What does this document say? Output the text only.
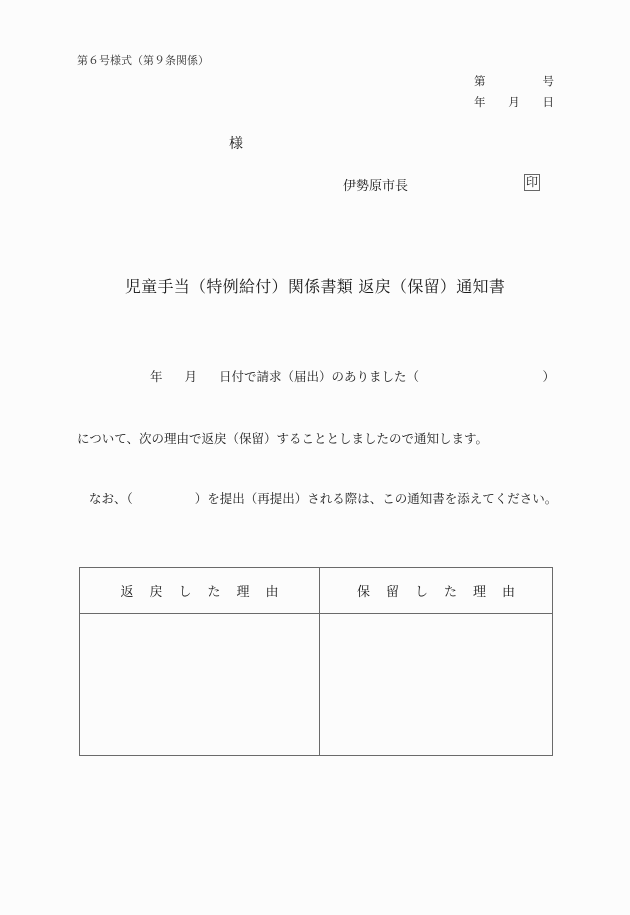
第６号様式（第９条関係）
第	号
年 月 日
様
伊勢原市長	印
児童手当（特例給付）関係書類 返戻（保留）通知書
年 月 日付で請求（届出）のありました（	）
について、次の理由で返戻（保留）することとしましたので通知します。
なお、（	）を提出（再提出）される際は、この通知書を添えてください。
返戻した理由	保留した理由
